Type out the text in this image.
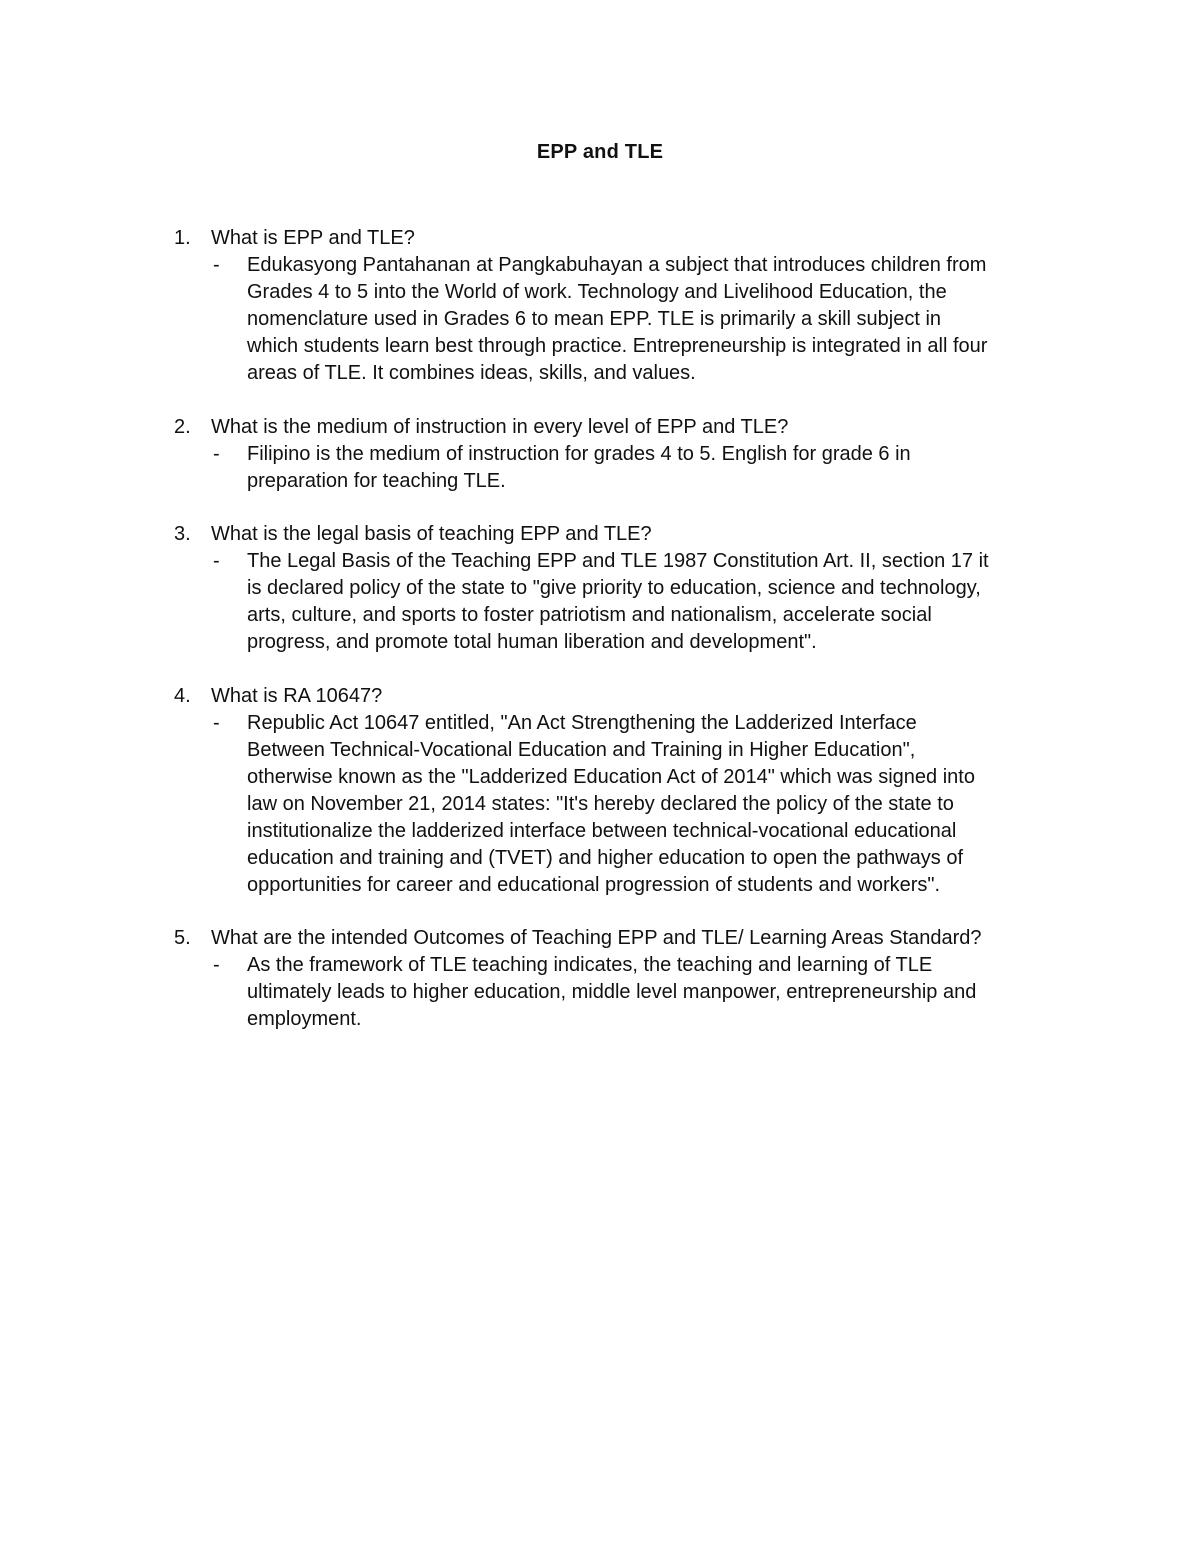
EPP and TLE
1. What is EPP and TLE?
- Edukasyong Pantahanan at Pangkabuhayan a subject that introduces children from
Grades 4 to 5 into the World of work. Technology and Livelihood Education, the
nomenclature used in Grades 6 to mean EPP. TLE is primarily a skill subject in
which students learn best through practice. Entrepreneurship is integrated in all four
areas of TLE. It combines ideas, skills, and values.
2. What is the medium of instruction in every level of EPP and TLE?
- Filipino is the medium of instruction for grades 4 to 5. English for grade 6 in
preparation for teaching TLE.
3. What is the legal basis of teaching EPP and TLE?
- The Legal Basis of the Teaching EPP and TLE 1987 Constitution Art. II, section 17 it
is declared policy of the state to "give priority to education, science and technology,
arts, culture, and sports to foster patriotism and nationalism, accelerate social
progress, and promote total human liberation and development".
4. What is RA 10647?
- Republic Act 10647 entitled, "An Act Strengthening the Ladderized Interface
Between Technical-Vocational Education and Training in Higher Education",
otherwise known as the "Ladderized Education Act of 2014" which was signed into
law on November 21, 2014 states: "It's hereby declared the policy of the state to
institutionalize the ladderized interface between technical-vocational educational
education and training and (TVET) and higher education to open the pathways of
opportunities for career and educational progression of students and workers".
5. What are the intended Outcomes of Teaching EPP and TLE/ Learning Areas Standard?
- As the framework of TLE teaching indicates, the teaching and learning of TLE
ultimately leads to higher education, middle level manpower, entrepreneurship and
employment.
